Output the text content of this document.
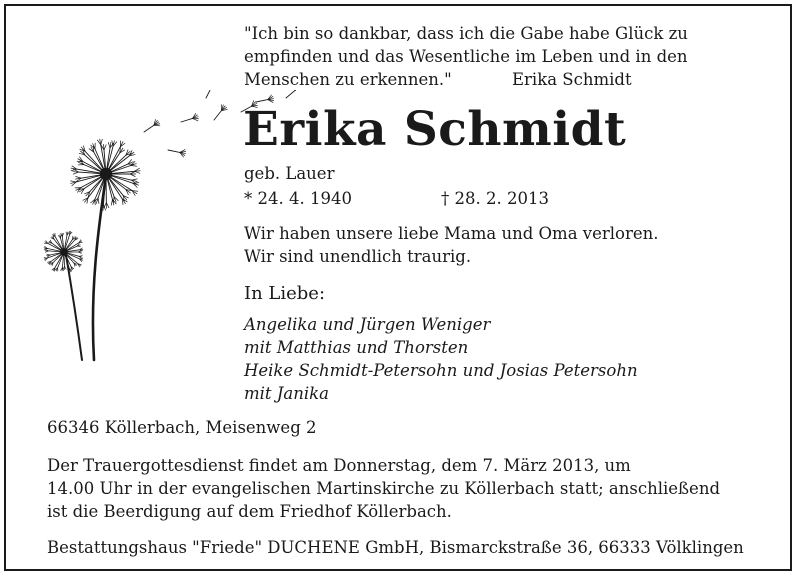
"Ich bin so dankbar, dass ich die Gabe habe Glück zu
empfinden und das Wesentliche im Leben und in den
Menschen zu erkennen."	Erika Schmidt
Erika Schmidt
geb. Lauer
* 24. 4. 1940	† 28. 2. 2013
Wir haben unsere liebe Mama und Oma verloren.
Wir sind unendlich traurig.
In Liebe:
Angelika und Jürgen Weniger
mit Matthias und Thorsten
Heike Schmidt-Petersohn und Josias Petersohn
mit Janika
66346 Köllerbach, Meisenweg 2
Der Trauergottesdienst findet am Donnerstag, dem 7. März 2013, um
14.00 Uhr in der evangelischen Martinskirche zu Köllerbach statt; anschließend
ist die Beerdigung auf dem Friedhof Köllerbach.
Bestattungshaus "Friede" DUCHENE GmbH, Bismarckstraße 36, 66333 Völklingen
